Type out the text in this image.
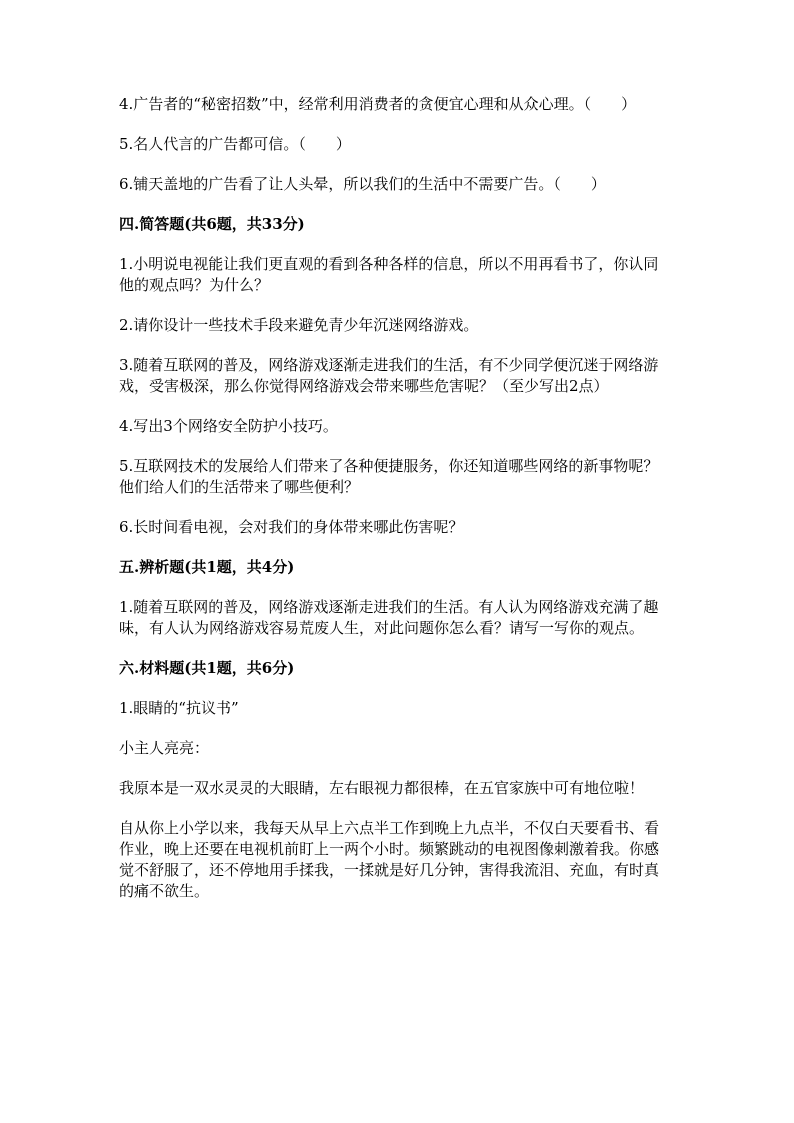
4.广告者的“秘密招数”中，经常利用消费者的贪便宜心理和从众心理。（　　）

5.名人代言的广告都可信。（　　）

6.铺天盖地的广告看了让人头晕，所以我们的生活中不需要广告。（　　）

四.简答题(共6题，共33分)

1.小明说电视能让我们更直观的看到各种各样的信息，所以不用再看书了，你认同他的观点吗？为什么？

2.请你设计一些技术手段来避免青少年沉迷网络游戏。

3.随着互联网的普及，网络游戏逐渐走进我们的生活，有不少同学便沉迷于网络游戏，受害极深，那么你觉得网络游戏会带来哪些危害呢？（至少写出2点）

4.写出3个网络安全防护小技巧。

5.互联网技术的发展给人们带来了各种便捷服务，你还知道哪些网络的新事物呢？他们给人们的生活带来了哪些便利？

6.长时间看电视，会对我们的身体带来哪此伤害呢？

五.辨析题(共1题，共4分)

1.随着互联网的普及，网络游戏逐渐走进我们的生活。有人认为网络游戏充满了趣味，有人认为网络游戏容易荒废人生，对此问题你怎么看？请写一写你的观点。

六.材料题(共1题，共6分)

1.眼睛的“抗议书”

小主人亮亮：

我原本是一双水灵灵的大眼睛，左右眼视力都很棒，在五官家族中可有地位啦！

自从你上小学以来，我每天从早上六点半工作到晚上九点半，不仅白天要看书、看作业，晚上还要在电视机前盯上一两个小时。频繁跳动的电视图像刺激着我。你感觉不舒服了，还不停地用手揉我，一揉就是好几分钟，害得我流泪、充血，有时真的痛不欲生。
